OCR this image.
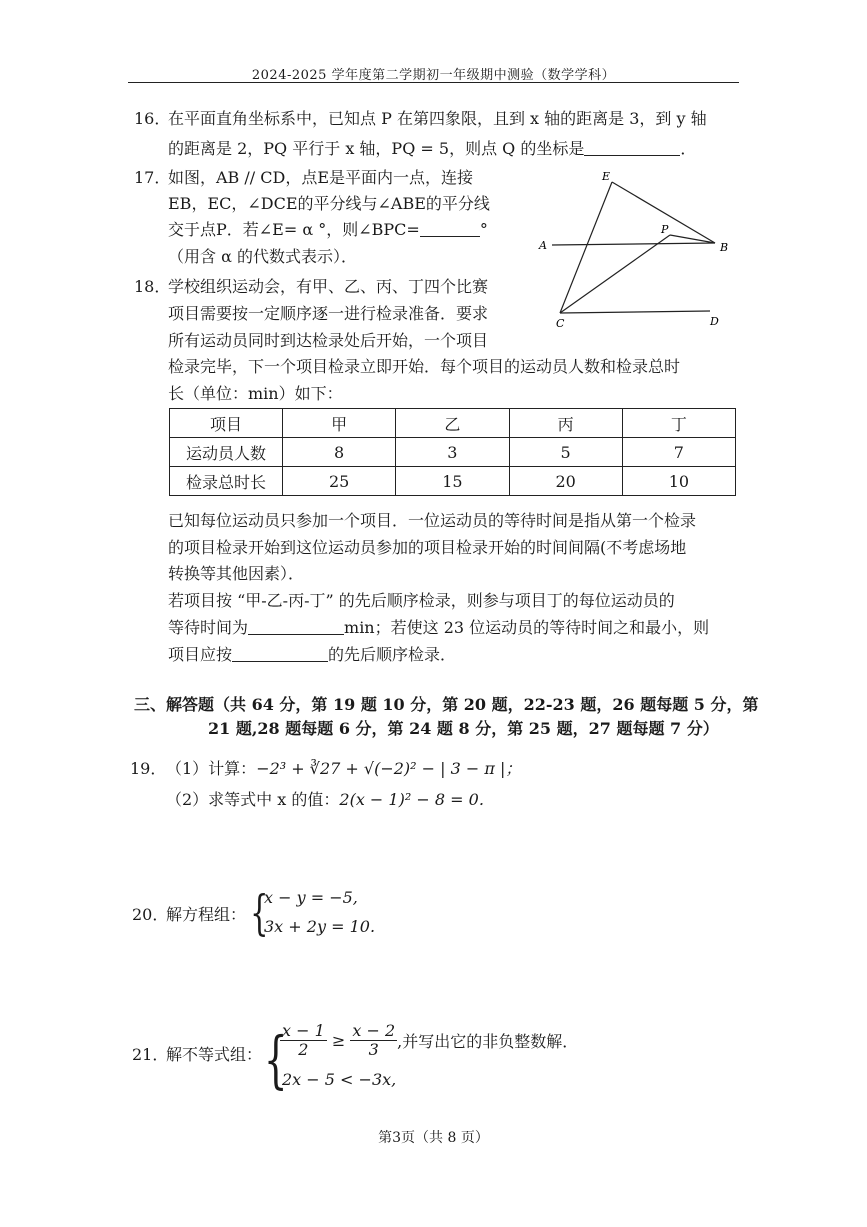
2024-2025 学年度第二学期初一年级期中测验（数学学科）
16．
在平面直角坐标系中，已知点 P 在第四象限，且到 x 轴的距离是 3，到 y 轴
的距离是 2，PQ 平行于 x 轴，PQ = 5，则点 Q 的坐标是	．
17．
如图，AB // CD，点E是平面内一点，连接
EB，EC，∠DCE的平分线与∠ABE的平分线
交于点P．若∠E= α °，则∠BPC=	°
（用含 α 的代数式表示）．
E
P
A	B
C	D
18．
学校组织运动会，有甲、乙、丙、丁四个比赛
项目需要按一定顺序逐一进行检录准备．要求
所有运动员同时到达检录处后开始，一个项目
检录完毕，下一个项目检录立即开始．每个项目的运动员人数和检录总时
长（单位：min）如下：
项目	甲	乙	丙	丁
运动员人数	8	3	5	7
检录总时长	25	15	20	10
已知每位运动员只参加一个项目．一位运动员的等待时间是指从第一个检录
的项目检录开始到这位运动员参加的项目检录开始的时间间隔(不考虑场地
转换等其他因素）．
若项目按 “甲-乙-丙-丁” 的先后顺序检录，则参与项目丁的每位运动员的
等待时间为	min；若使这 23 位运动员的等待时间之和最小，则
项目应按	的先后顺序检录．
三、解答题（共 64 分，第 19 题 10 分，第 20 题，22-23 题，26 题每题 5 分，第
21 题,28 题每题 6 分，第 24 题 8 分，第 25 题，27 题每题 7 分）
19． （1）计算：−2³ + ∛27 + √(−2)² − | 3 − π |；
（2）求等式中 x 的值：2(x − 1)² − 8 = 0．
20．
解方程组： {
x − y = −5,
3x + 2y = 10.
21．
解不等式组： {
$\frac{x - 1}{2} \ge \frac{x - 2}{3}$ ,并写出它的非负整数解．
2x − 5 < −3x,
第3页（共 8 页）
